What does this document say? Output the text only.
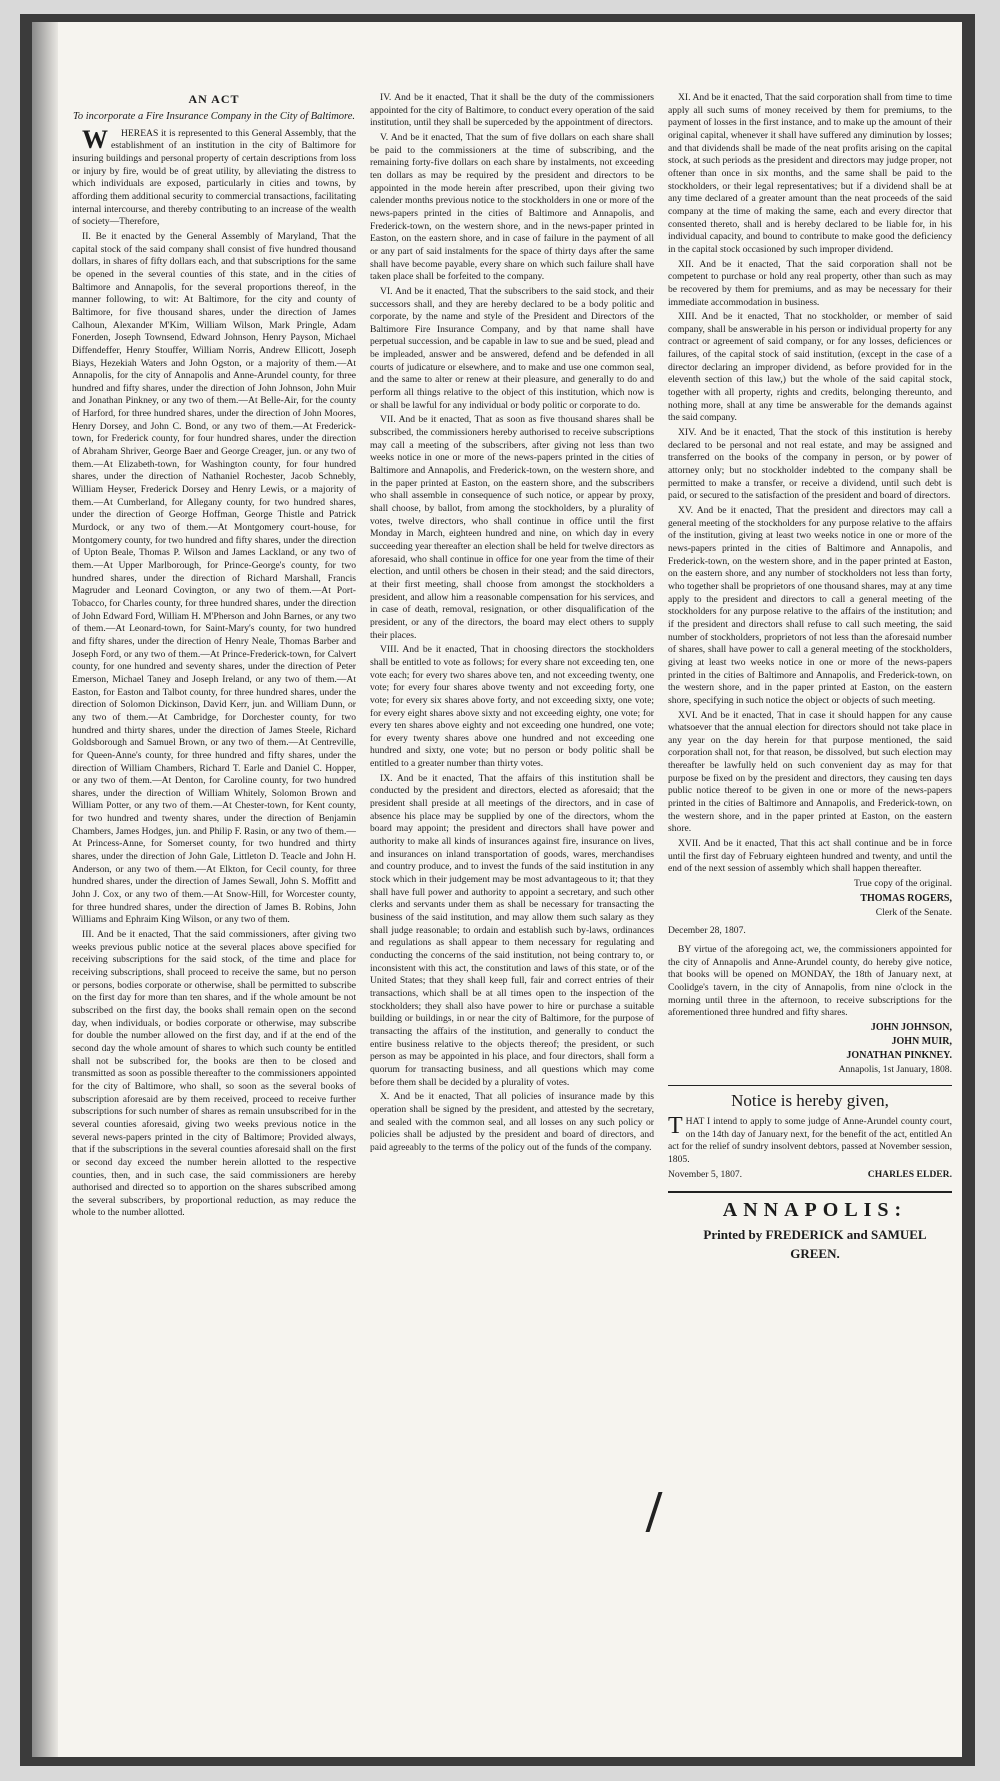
AN ACT

To incorporate a Fire Insurance Company in the City of Baltimore.

W HEREAS it is represented to this General Assembly, that the establishment of an institution in the city of Baltimore for insuring buildings and personal property of certain descriptions from loss or injury by fire, would be of great utility, by alleviating the distress to which individuals are exposed, particularly in cities and towns, by affording them additional security to commercial transactions, facilitating internal intercourse, and thereby contributing to an increase of the wealth of society—Therefore,

II. Be it enacted by the General Assembly of Maryland, That the capital stock of the said company shall consist of five hundred thousand dollars, in shares of fifty dollars each, and that subscriptions for the same be opened in the several counties of this state, and in the cities of Baltimore and Annapolis, for the several proportions thereof, in the manner following, to wit: At Baltimore, for the city and county of Baltimore, for five thousand shares, under the direction of James Calhoun, Alexander M'Kim, William Wilson, Mark Pringle, Adam Fonerden, Joseph Townsend, Edward Johnson, Henry Payson, Michael Diffendeffer, Henry Stouffer, William Norris, Andrew Ellicott, Joseph Biays, Hezekiah Waters and John Ogston, or a majority of them.—At Annapolis, for the city of Annapolis and Anne-Arundel county, for three hundred and fifty shares, under the direction of John Johnson, John Muir and Jonathan Pinkney, or any two of them.—At Belle-Air, for the county of Harford, for three hundred shares, under the direction of John Moores, Henry Dorsey, and John C. Bond, or any two of them.—At Frederick-town, for Frederick county, for four hundred shares, under the direction of Abraham Shriver, George Baer and George Creager, jun. or any two of them.—At Elizabeth-town, for Washington county, for four hundred shares, under the direction of Nathaniel Rochester, Jacob Schnebly, William Heyser, Frederick Dorsey and Henry Lewis, or a majority of them.—At Cumberland, for Allegany county, for two hundred shares, under the direction of George Hoffman, George Thistle and Patrick Murdock, or any two of them.—At Montgomery court-house, for Montgomery county, for two hundred and fifty shares, under the direction of Upton Beale, Thomas P. Wilson and James Lackland, or any two of them.—At Upper Marlborough, for Prince-George's county, for two hundred shares, under the direction of Richard Marshall, Francis Magruder and Leonard Covington, or any two of them.—At Port-Tobacco, for Charles county, for three hundred shares, under the direction of John Edward Ford, William H. M'Pherson and John Barnes, or any two of them.—At Leonard-town, for Saint-Mary's county, for two hundred and fifty shares, under the direction of Henry Neale, Thomas Barber and Joseph Ford, or any two of them.—At Prince-Frederick-town, for Calvert county, for one hundred and seventy shares, under the direction of Peter Emerson, Michael Taney and Joseph Ireland, or any two of them.—At Easton, for Easton and Talbot county, for three hundred shares, under the direction of Solomon Dickinson, David Kerr, jun. and William Dunn, or any two of them.—At Cambridge, for Dorchester county, for two hundred and thirty shares, under the direction of James Steele, Richard Goldsborough and Samuel Brown, or any two of them.—At Centreville, for Queen-Anne's county, for three hundred and fifty shares, under the direction of William Chambers, Richard T. Earle and Daniel C. Hopper, or any two of them.—At Denton, for Caroline county, for two hundred shares, under the direction of William Whitely, Solomon Brown and William Potter, or any two of them.—At Chester-town, for Kent county, for two hundred and twenty shares, under the direction of Benjamin Chambers, James Hodges, jun. and Philip F. Rasin, or any two of them.—At Princess-Anne, for Somerset county, for two hundred and thirty shares, under the direction of John Gale, Littleton D. Teacle and John H. Anderson, or any two of them.—At Elkton, for Cecil county, for three hundred shares, under the direction of James Sewall, John S. Moffitt and John J. Cox, or any two of them.—At Snow-Hill, for Worcester county, for three hundred shares, under the direction of James B. Robins, John Williams and Ephraim King Wilson, or any two of them.

III. And be it enacted, That the said commissioners, after giving two weeks previous public notice at the several places above specified for receiving subscriptions for the said stock, of the time and place for receiving subscriptions, shall proceed to receive the same, but no person or persons, bodies corporate or otherwise, shall be permitted to subscribe on the first day for more than ten shares, and if the whole amount be not subscribed on the first day, the books shall remain open on the second day, when individuals, or bodies corporate or otherwise, may subscribe for double the number allowed on the first day, and if at the end of the second day the whole amount of shares to which such county be entitled shall not be subscribed for, the books are then to be closed and transmitted as soon as possible thereafter to the commissioners appointed for the city of Baltimore, who shall, so soon as the several books of subscription aforesaid are by them received, proceed to receive further subscriptions for such number of shares as remain unsubscribed for in the several counties aforesaid, giving two weeks previous notice in the several news-papers printed in the city of Baltimore; Provided always, that if the subscriptions in the several counties aforesaid shall on the first or second day exceed the number herein allotted to the respective counties, then, and in such case, the said commissioners are hereby authorised and directed so to apportion on the shares subscribed among the several subscribers, by proportional reduction, as may reduce the whole to the number allotted.

IV. And be it enacted, That it shall be the duty of the commissioners appointed for the city of Baltimore, to conduct every operation of the said institution, until they shall be superceded by the appointment of directors.

V. And be it enacted, That the sum of five dollars on each share shall be paid to the commissioners at the time of subscribing, and the remaining forty-five dollars on each share by instalments, not exceeding ten dollars as may be required by the president and directors to be appointed in the mode herein after prescribed, upon their giving two calender months previous notice to the stockholders in one or more of the news-papers printed in the cities of Baltimore and Annapolis, and Frederick-town, on the western shore, and in the news-paper printed in Easton, on the eastern shore, and in case of failure in the payment of all or any part of said instalments for the space of thirty days after the same shall have become payable, every share on which such failure shall have taken place shall be forfeited to the company.

VI. And be it enacted, That the subscribers to the said stock, and their successors shall, and they are hereby declared to be a body politic and corporate, by the name and style of the President and Directors of the Baltimore Fire Insurance Company, and by that name shall have perpetual succession, and be capable in law to sue and be sued, plead and be impleaded, answer and be answered, defend and be defended in all courts of judicature or elsewhere, and to make and use one common seal, and the same to alter or renew at their pleasure, and generally to do and perform all things relative to the object of this institution, which now is or shall be lawful for any individual or body politic or corporate to do.

VII. And be it enacted, That as soon as five thousand shares shall be subscribed, the commissioners hereby authorised to receive subscriptions may call a meeting of the subscribers, after giving not less than two weeks notice in one or more of the news-papers printed in the cities of Baltimore and Annapolis, and Frederick-town, on the western shore, and in the paper printed at Easton, on the eastern shore, and the subscribers who shall assemble in consequence of such notice, or appear by proxy, shall choose, by ballot, from among the stockholders, by a plurality of votes, twelve directors, who shall continue in office until the first Monday in March, eighteen hundred and nine, on which day in every succeeding year thereafter an election shall be held for twelve directors as aforesaid, who shall continue in office for one year from the time of their election, and until others be chosen in their stead; and the said directors, at their first meeting, shall choose from amongst the stockholders a president, and allow him a reasonable compensation for his services, and in case of death, removal, resignation, or other disqualification of the president, or any of the directors, the board may elect others to supply their places.

VIII. And be it enacted, That in choosing directors the stockholders shall be entitled to vote as follows; for every share not exceeding ten, one vote each; for every two shares above ten, and not exceeding twenty, one vote; for every four shares above twenty and not exceeding forty, one vote; for every six shares above forty, and not exceeding sixty, one vote; for every eight shares above sixty and not exceeding eighty, one vote; for every ten shares above eighty and not exceeding one hundred, one vote; for every twenty shares above one hundred and not exceeding one hundred and sixty, one vote; but no person or body politic shall be entitled to a greater number than thirty votes.

IX. And be it enacted, That the affairs of this institution shall be conducted by the president and directors, elected as aforesaid; that the president shall preside at all meetings of the directors, and in case of absence his place may be supplied by one of the directors, whom the board may appoint; the president and directors shall have power and authority to make all kinds of insurances against fire, insurance on lives, and insurances on inland transportation of goods, wares, merchandises and country produce, and to invest the funds of the said institution in any stock which in their judgement may be most advantageous to it; that they shall have full power and authority to appoint a secretary, and such other clerks and servants under them as shall be necessary for transacting the business of the said institution, and may allow them such salary as they shall judge reasonable; to ordain and establish such by-laws, ordinances and regulations as shall appear to them necessary for regulating and conducting the concerns of the said institution, not being contrary to, or inconsistent with this act, the constitution and laws of this state, or of the United States; that they shall keep full, fair and correct entries of their transactions, which shall be at all times open to the inspection of the stockholders; they shall also have power to hire or purchase a suitable building or buildings, in or near the city of Baltimore, for the purpose of transacting the affairs of the institution, and generally to conduct the entire business relative to the objects thereof; the president, or such person as may be appointed in his place, and four directors, shall form a quorum for transacting business, and all questions which may come before them shall be decided by a plurality of votes.

X. And be it enacted, That all policies of insurance made by this operation shall be signed by the president, and attested by the secretary, and sealed with the common seal, and all losses on any such policy or policies shall be adjusted by the president and board of directors, and paid agreeably to the terms of the policy out of the funds of the company.

XI. And be it enacted, That the said corporation shall from time to time apply all such sums of money received by them for premiums, to the payment of losses in the first instance, and to make up the amount of their original capital, whenever it shall have suffered any diminution by losses; and that dividends shall be made of the neat profits arising on the capital stock, at such periods as the president and directors may judge proper, not oftener than once in six months, and the same shall be paid to the stockholders, or their legal representatives; but if a dividend shall be at any time declared of a greater amount than the neat proceeds of the said company at the time of making the same, each and every director that consented thereto, shall and is hereby declared to be liable for, in his individual capacity, and bound to contribute to make good the deficiency in the capital stock occasioned by such improper dividend.

XII. And be it enacted, That the said corporation shall not be competent to purchase or hold any real property, other than such as may be recovered by them for premiums, and as may be necessary for their immediate accommodation in business.

XIII. And be it enacted, That no stockholder, or member of said company, shall be answerable in his person or individual property for any contract or agreement of said company, or for any losses, deficiences or failures, of the capital stock of said institution, (except in the case of a director declaring an improper dividend, as before provided for in the eleventh section of this law,) but the whole of the said capital stock, together with all property, rights and credits, belonging thereunto, and nothing more, shall at any time be answerable for the demands against the said company.

XIV. And be it enacted, That the stock of this institution is hereby declared to be personal and not real estate, and may be assigned and transferred on the books of the company in person, or by power of attorney only; but no stockholder indebted to the company shall be permitted to make a transfer, or receive a dividend, until such debt is paid, or secured to the satisfaction of the president and board of directors.

XV. And be it enacted, That the president and directors may call a general meeting of the stockholders for any purpose relative to the affairs of the institution, giving at least two weeks notice in one or more of the news-papers printed in the cities of Baltimore and Annapolis, and Frederick-town, on the western shore, and in the paper printed at Easton, on the eastern shore, and any number of stockholders not less than forty, who together shall be proprietors of one thousand shares, may at any time apply to the president and directors to call a general meeting of the stockholders for any purpose relative to the affairs of the institution; and if the president and directors shall refuse to call such meeting, the said number of stockholders, proprietors of not less than the aforesaid number of shares, shall have power to call a general meeting of the stockholders, giving at least two weeks notice in one or more of the news-papers printed in the cities of Baltimore and Annapolis, and Frederick-town, on the western shore, and in the paper printed at Easton, on the eastern shore, specifying in such notice the object or objects of such meeting.

XVI. And be it enacted, That in case it should happen for any cause whatsoever that the annual election for directors should not take place in any year on the day herein for that purpose mentioned, the said corporation shall not, for that reason, be dissolved, but such election may thereafter be lawfully held on such convenient day as may for that purpose be fixed on by the president and directors, they causing ten days public notice thereof to be given in one or more of the news-papers printed in the cities of Baltimore and Annapolis, and Frederick-town, on the western shore, and in the paper printed at Easton, on the eastern shore.

XVII. And be it enacted, That this act shall continue and be in force until the first day of February eighteen hundred and twenty, and until the end of the next session of assembly which shall happen thereafter.

True copy of the original.

THOMAS ROGERS,

Clerk of the Senate.

December 28, 1807.

BY virtue of the aforegoing act, we, the commissioners appointed for the city of Annapolis and Anne-Arundel county, do hereby give notice, that books will be opened on MONDAY, the 18th of January next, at Coolidge's tavern, in the city of Annapolis, from nine o'clock in the morning until three in the afternoon, to receive subscriptions for the aforementioned three hundred and fifty shares.

JOHN JOHNSON,

JOHN MUIR,

JONATHAN PINKNEY.

Annapolis, 1st January, 1808.

Notice is hereby given,

THAT I intend to apply to some judge of Anne-Arundel county court, on the 14th day of January next, for the benefit of the act, entitled An act for the relief of sundry insolvent debtors, passed at November session, 1805.

November 5, 1807.	CHARLES ELDER.

ANNAPOLIS:

Printed by FREDERICK and SAMUEL

GREEN.
